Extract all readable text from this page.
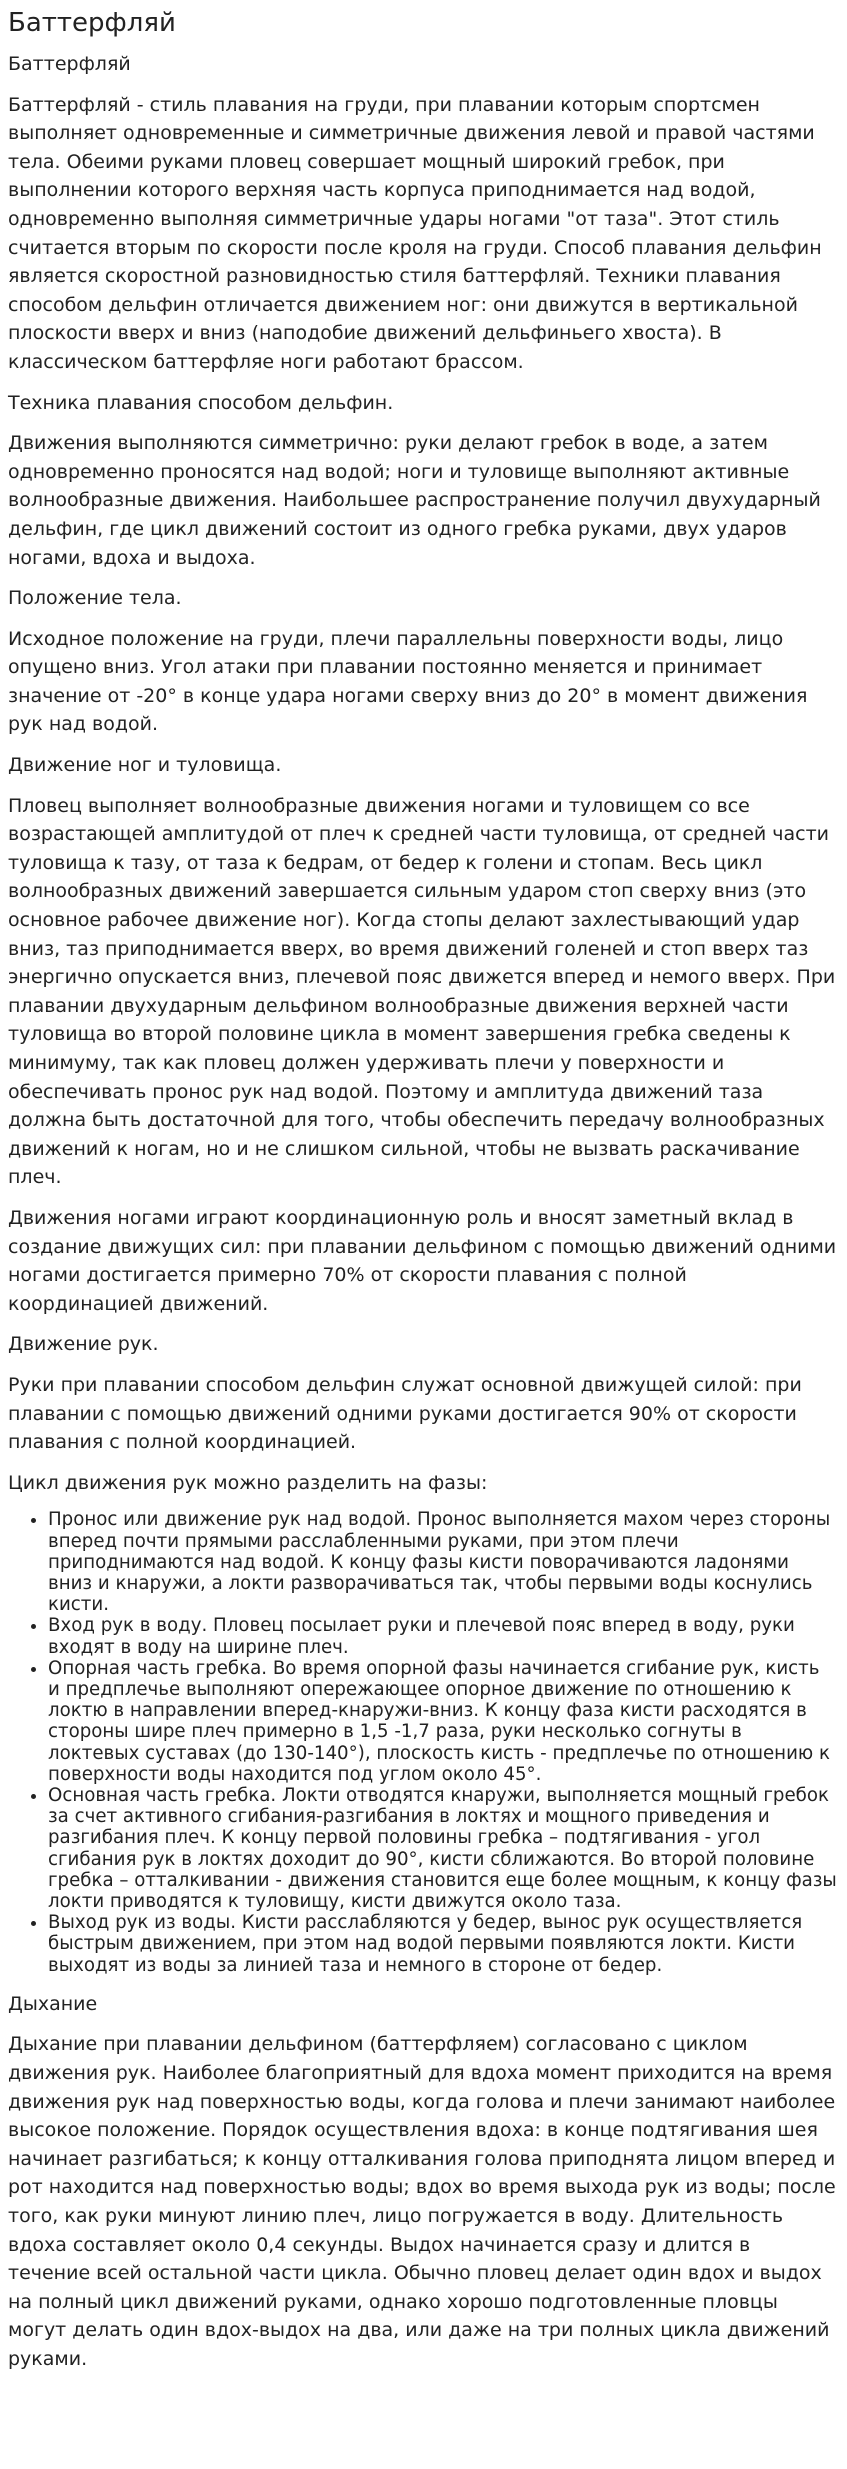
Баттерфляй

Баттерфляй

Баттерфляй - стиль плавания на груди, при плавании которым спортсмен выполняет одновременные и симметричные движения левой и правой частями тела. Обеими руками пловец совершает мощный широкий гребок, при выполнении которого верхняя часть корпуса приподнимается над водой, одновременно выполняя симметричные удары ногами "от таза". Этот стиль считается вторым по скорости после кроля на груди. Способ плавания дельфин является скоростной разновидностью стиля баттерфляй. Техники плавания способом дельфин отличается движением ног: они движутся в вертикальной плоскости вверх и вниз (наподобие движений дельфиньего хвоста). В классическом баттерфляе ноги работают брассом.

Техника плавания способом дельфин.

Движения выполняются симметрично: руки делают гребок в воде, а затем одновременно проносятся над водой; ноги и туловище выполняют активные волнообразные движения. Наибольшее распространение получил двухударный дельфин, где цикл движений состоит из одного гребка руками, двух ударов ногами, вдоха и выдоха.

Положение тела.

Исходное положение на груди, плечи параллельны поверхности воды, лицо опущено вниз. Угол атаки при плавании постоянно меняется и принимает значение от -20° в конце удара ногами сверху вниз до 20° в момент движения рук над водой.

Движение ног и туловища.

Пловец выполняет волнообразные движения ногами и туловищем со все возрастающей амплитудой от плеч к средней части туловища, от средней части туловища к тазу, от таза к бедрам, от бедер к голени и стопам. Весь цикл волнообразных движений завершается сильным ударом стоп сверху вниз (это основное рабочее движение ног). Когда стопы делают захлестывающий удар вниз, таз приподнимается вверх, во время движений голеней и стоп вверх таз энергично опускается вниз, плечевой пояс движется вперед и немого вверх. При плавании двухударным дельфином волнообразные движения верхней части туловища во второй половине цикла в момент завершения гребка сведены к минимуму, так как пловец должен удерживать плечи у поверхности и обеспечивать пронос рук над водой. Поэтому и амплитуда движений таза должна быть достаточной для того, чтобы обеспечить передачу волнообразных движений к ногам, но и не слишком сильной, чтобы не вызвать раскачивание плеч.

Движения ногами играют координационную роль и вносят заметный вклад в создание движущих сил: при плавании дельфином с помощью движений одними ногами достигается примерно 70% от скорости плавания с полной координацией движений.

Движение рук.

Руки при плавании способом дельфин служат основной движущей силой: при плавании с помощью движений одними руками достигается 90% от скорости плавания с полной координацией.

Цикл движения рук можно разделить на фазы:

• Пронос или движение рук над водой. Пронос выполняется махом через стороны вперед почти прямыми расслабленными руками, при этом плечи приподнимаются над водой. К концу фазы кисти поворачиваются ладонями вниз и кнаружи, а локти разворачиваться так, чтобы первыми воды коснулись кисти.
• Вход рук в воду. Пловец посылает руки и плечевой пояс вперед в воду, руки входят в воду на ширине плеч.
• Опорная часть гребка. Во время опорной фазы начинается сгибание рук, кисть и предплечье выполняют опережающее опорное движение по отношению к локтю в направлении вперед-кнаружи-вниз. К концу фаза кисти расходятся в стороны шире плеч примерно в 1,5 -1,7 раза, руки несколько согнуты в локтевых суставах (до 130-140°), плоскость кисть - предплечье по отношению к поверхности воды находится под углом около 45°.
• Основная часть гребка. Локти отводятся кнаружи, выполняется мощный гребок за счет активного сгибания-разгибания в локтях и мощного приведения и разгибания плеч. К концу первой половины гребка – подтягивания - угол сгибания рук в локтях доходит до 90°, кисти сближаются. Во второй половине гребка – отталкивании - движения становится еще более мощным, к концу фазы локти приводятся к туловищу, кисти движутся около таза.
• Выход рук из воды. Кисти расслабляются у бедер, вынос рук осуществляется быстрым движением, при этом над водой первыми появляются локти. Кисти выходят из воды за линией таза и немного в стороне от бедер.

Дыхание

Дыхание при плавании дельфином (баттерфляем) согласовано с циклом движения рук. Наиболее благоприятный для вдоха момент приходится на время движения рук над поверхностью воды, когда голова и плечи занимают наиболее высокое положение. Порядок осуществления вдоха: в конце подтягивания шея начинает разгибаться; к концу отталкивания голова приподнята лицом вперед и рот находится над поверхностью воды; вдох во время выхода рук из воды; после того, как руки минуют линию плеч, лицо погружается в воду. Длительность вдоха составляет около 0,4 секунды. Выдох начинается сразу и длится в течение всей остальной части цикла. Обычно пловец делает один вдох и выдох на полный цикл движений руками, однако хорошо подготовленные пловцы могут делать один вдох-выдох на два, или даже на три полных цикла движений руками.
